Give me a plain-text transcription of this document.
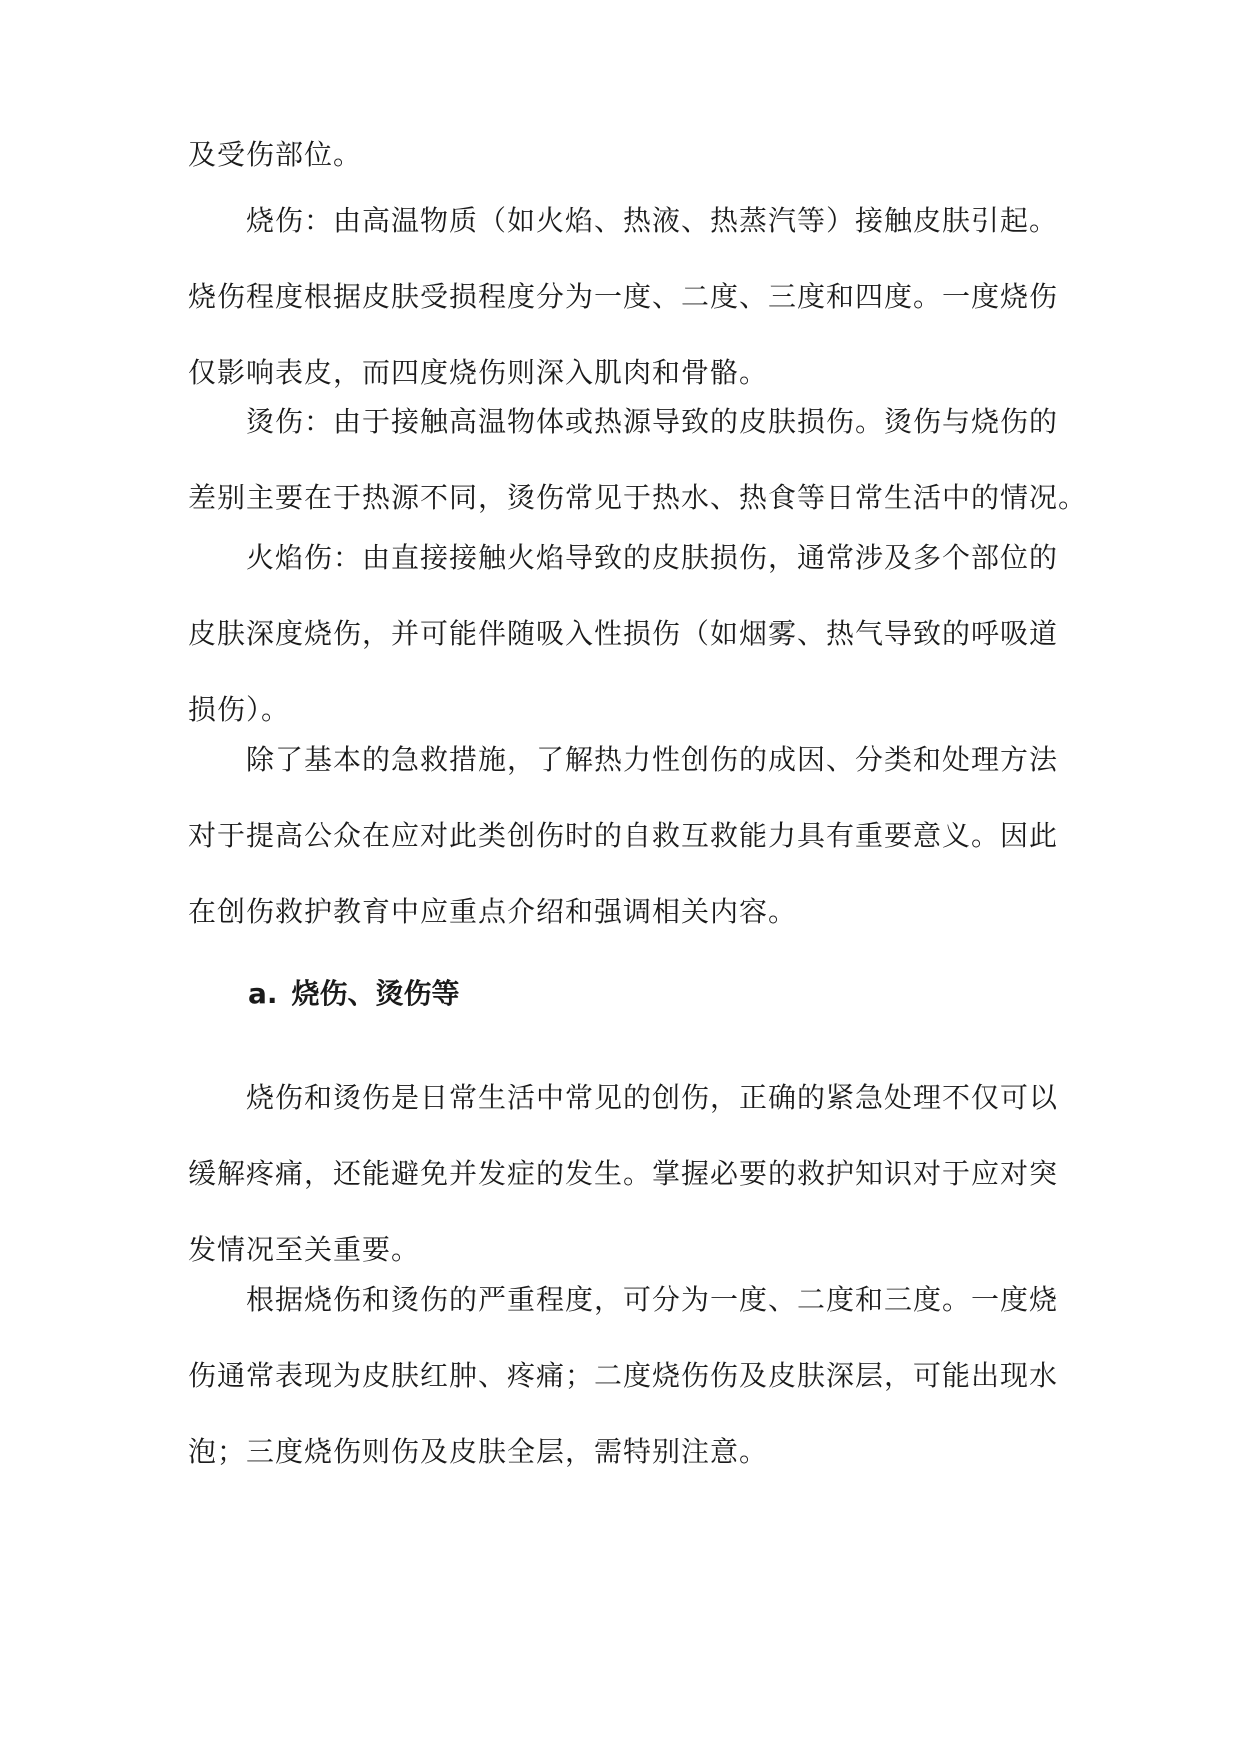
及受伤部位。
　　烧伤：由高温物质（如火焰、热液、热蒸汽等）接触皮肤引起。
烧伤程度根据皮肤受损程度分为一度、二度、三度和四度。一度烧伤
仅影响表皮，而四度烧伤则深入肌肉和骨骼。
　　烫伤：由于接触高温物体或热源导致的皮肤损伤。烫伤与烧伤的
差别主要在于热源不同，烫伤常见于热水、热食等日常生活中的情况。
　　火焰伤：由直接接触火焰导致的皮肤损伤，通常涉及多个部位的
皮肤深度烧伤，并可能伴随吸入性损伤（如烟雾、热气导致的呼吸道
损伤）。
　　除了基本的急救措施，了解热力性创伤的成因、分类和处理方法
对于提高公众在应对此类创伤时的自救互救能力具有重要意义。因此
在创伤救护教育中应重点介绍和强调相关内容。
a. 烧伤、烫伤等
　　烧伤和烫伤是日常生活中常见的创伤，正确的紧急处理不仅可以
缓解疼痛，还能避免并发症的发生。掌握必要的救护知识对于应对突
发情况至关重要。
　　根据烧伤和烫伤的严重程度，可分为一度、二度和三度。一度烧
伤通常表现为皮肤红肿、疼痛；二度烧伤伤及皮肤深层，可能出现水
泡；三度烧伤则伤及皮肤全层，需特别注意。
